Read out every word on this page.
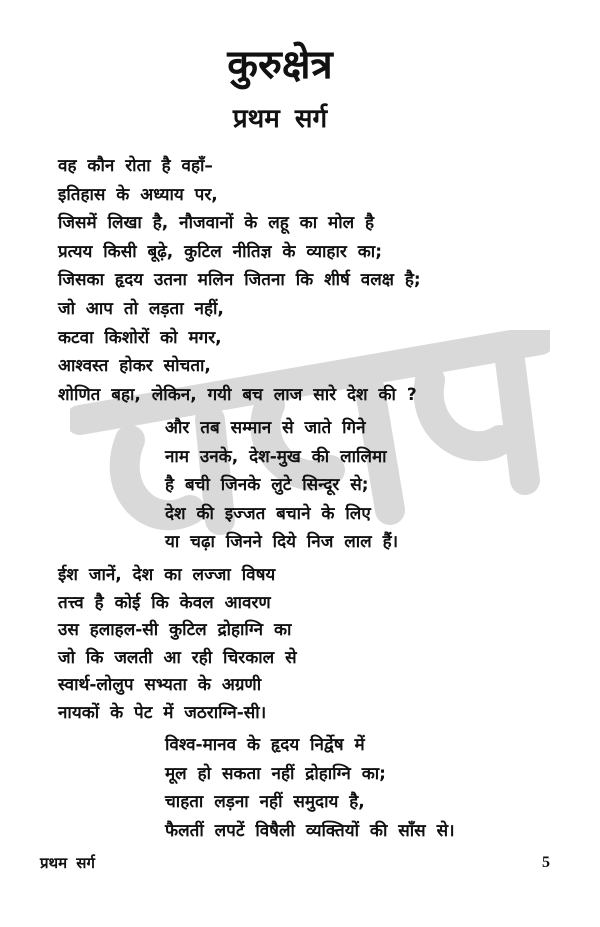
कुरुक्षेत्र
प्रथम सर्ग
वह कौन रोता है वहाँ–
इतिहास के अध्याय पर,
जिसमें लिखा है, नौजवानों के लहू का मोल है
प्रत्यय किसी बूढ़े, कुटिल नीतिज्ञ के व्याहार का;
जिसका हृदय उतना मलिन जितना कि शीर्ष वलक्ष है;
जो आप तो लड़ता नहीं,
कटवा किशोरों को मगर,
आश्वस्त होकर सोचता,
शोणित बहा, लेकिन, गयी बच लाज सारे देश की ?
और तब सम्मान से जाते गिने
नाम उनके, देश-मुख की लालिमा
है बची जिनके लुटे सिन्दूर से;
देश की इज्जत बचाने के लिए
या चढ़ा जिनने दिये निज लाल हैं।
ईश जानें, देश का लज्जा विषय
तत्त्व है कोई कि केवल आवरण
उस हलाहल-सी कुटिल द्रोहाग्नि का
जो कि जलती आ रही चिरकाल से
स्वार्थ-लोलुप सभ्यता के अग्रणी
नायकों के पेट में जठराग्नि-सी।
विश्व-मानव के हृदय निर्द्वेष में
मूल हो सकता नहीं द्रोहाग्नि का;
चाहता लड़ना नहीं समुदाय है,
फैलतीं लपटें विषैली व्यक्तियों की साँस से।
प्रथम सर्ग	5
